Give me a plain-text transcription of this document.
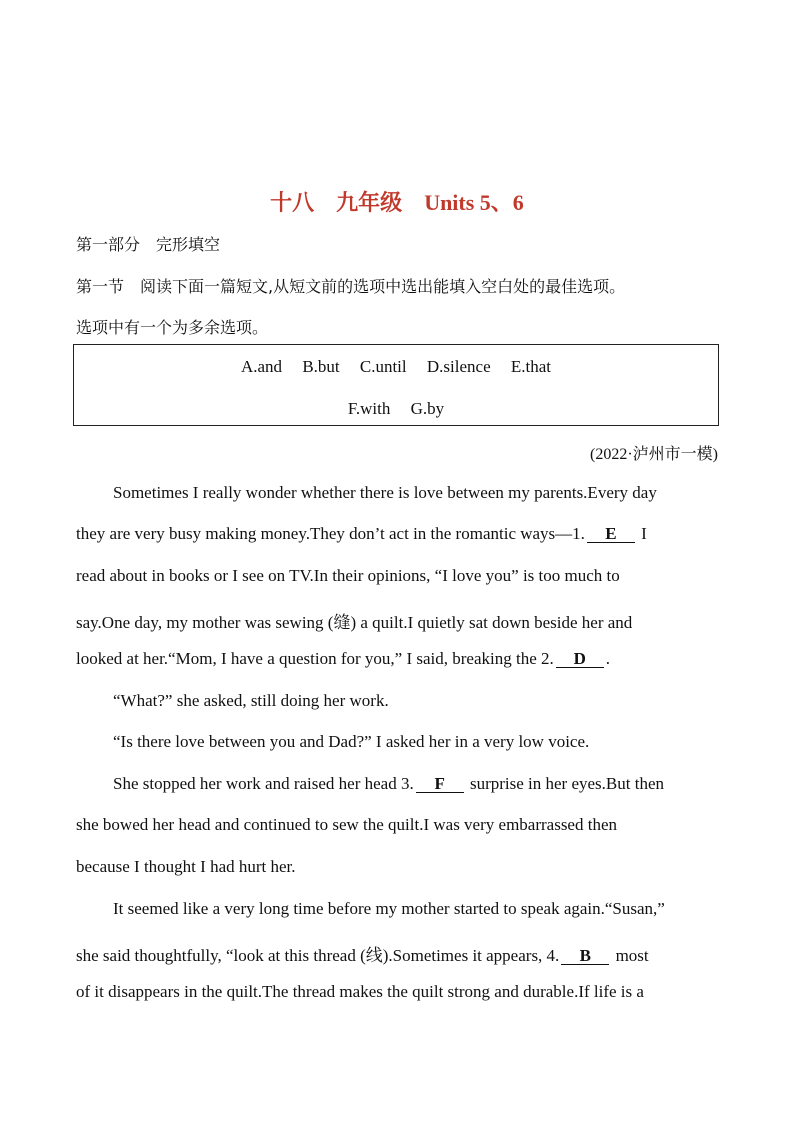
十八　九年级 Units 5、6
第一部分　完形填空
第一节　阅读下面一篇短文,从短文前的选项中选出能填入空白处的最佳选项。
选项中有一个为多余选项。
A.and B.but C.until D.silence E.that
F.with G.by
(2022·泸州市一模)
Sometimes I really wonder whether there is love between my parents.Every day
they are very busy making money.They don’t act in the romantic ways—1. E I
read about in books or I see on TV.In their opinions, “I love you” is too much to
say.One day, my mother was sewing (缝) a quilt.I quietly sat down beside her and
looked at her.“Mom, I have a question for you,” I said, breaking the 2. D .
“What?” she asked, still doing her work.
“Is there love between you and Dad?” I asked her in a very low voice.
She stopped her work and raised her head 3. F surprise in her eyes.But then
she bowed her head and continued to sew the quilt.I was very embarrassed then
because I thought I had hurt her.
It seemed like a very long time before my mother started to speak again.“Susan,”
she said thoughtfully, “look at this thread (线).Sometimes it appears, 4. B most
of it disappears in the quilt.The thread makes the quilt strong and durable.If life is a
